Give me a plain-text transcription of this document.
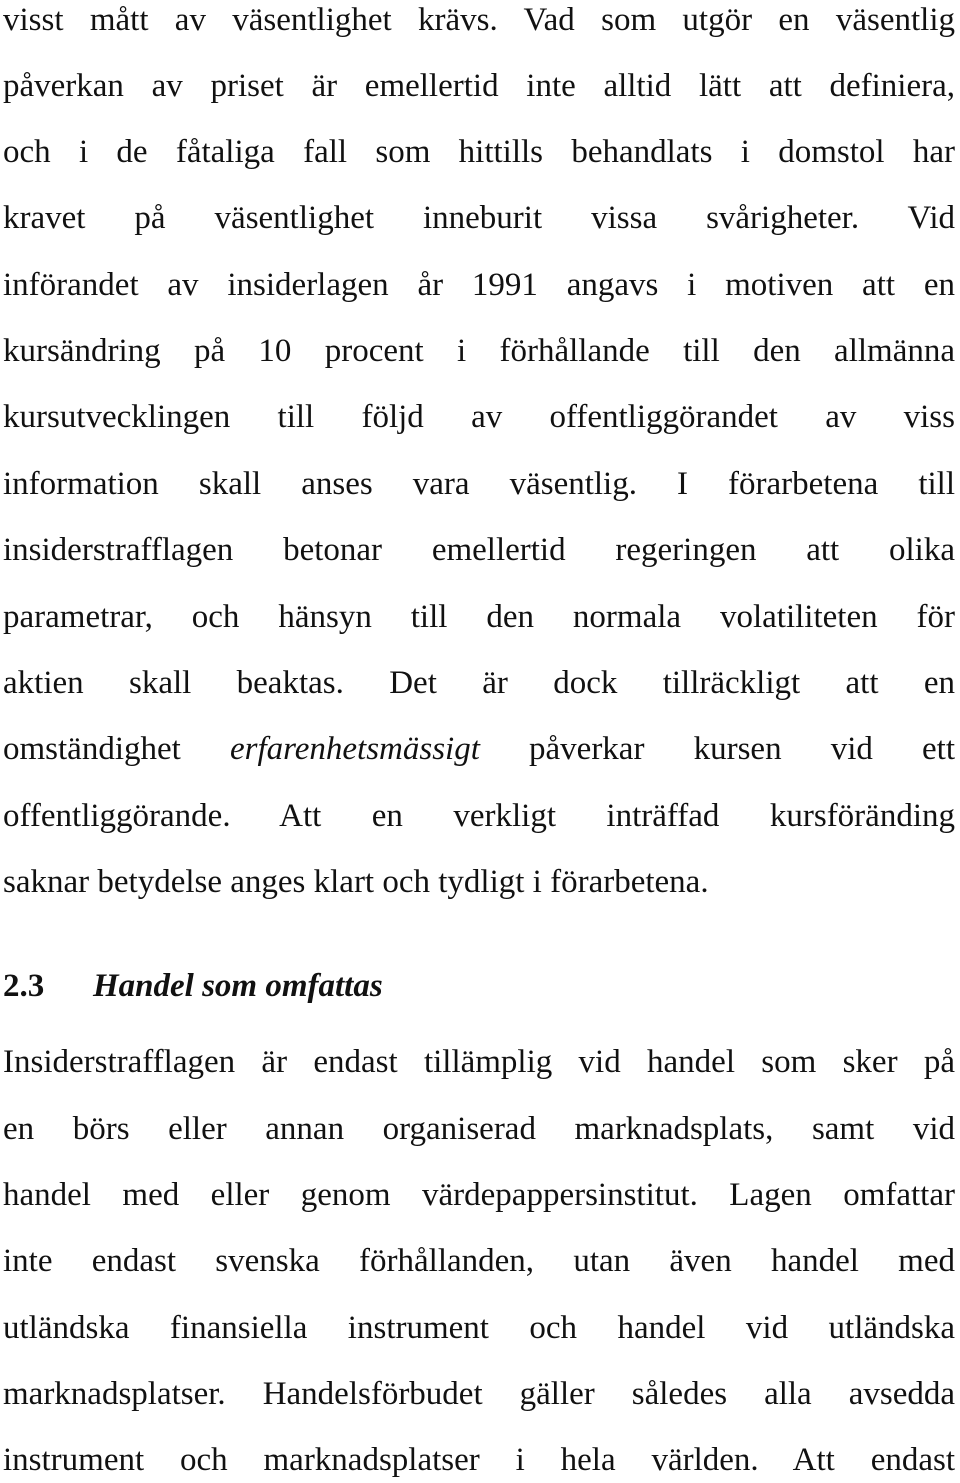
visst mått av väsentlighet krävs. Vad som utgör en väsentlig
påverkan av priset är emellertid inte alltid lätt att definiera,
och i de fåtaliga fall som hittills behandlats i domstol har
kravet på väsentlighet inneburit vissa svårigheter. Vid
införandet av insiderlagen år 1991 angavs i motiven att en
kursändring på 10 procent i förhållande till den allmänna
kursutvecklingen till följd av offentliggörandet av viss
information skall anses vara väsentlig. I förarbetena till
insiderstrafflagen betonar emellertid regeringen att olika
parametrar, och hänsyn till den normala volatiliteten för
aktien skall beaktas. Det är dock tillräckligt att en
omständighet erfarenhetsmässigt påverkar kursen vid ett
offentliggörande. Att en verkligt inträffad kursföränding
saknar betydelse anges klart och tydligt i förarbetena.
2.3 Handel som omfattas
Insiderstrafflagen är endast tillämplig vid handel som sker på
en börs eller annan organiserad marknadsplats, samt vid
handel med eller genom värdepappersinstitut. Lagen omfattar
inte endast svenska förhållanden, utan även handel med
utländska finansiella instrument och handel vid utländska
marknadsplatser. Handelsförbudet gäller således alla avsedda
instrument och marknadsplatser i hela världen. Att endast
